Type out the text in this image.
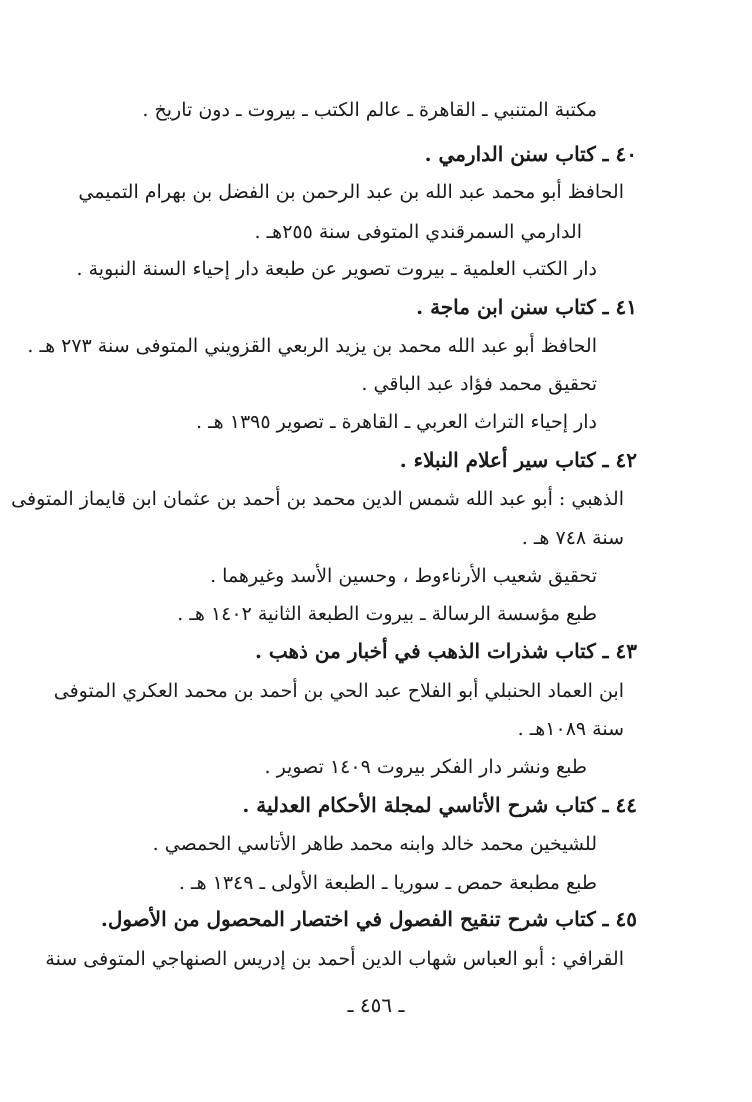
مكتبة المتنبي ـ القاهرة ـ عالم الكتب ـ بيروت ـ دون تاريخ .
٤٠ ـ كتاب سنن الدارمي .
الحافظ أبو محمد عبد الله بن عبد الرحمن بن الفضل بن بهرام التميمي
الدارمي السمرقندي المتوفى سنة ٢٥٥هـ .
دار الكتب العلمية ـ بيروت تصوير عن طبعة دار إحياء السنة النبوية .
٤١ ـ كتاب سنن ابن ماجة .
الحافظ أبو عبد الله محمد بن يزيد الربعي القزويني المتوفى سنة ٢٧٣ هـ .
تحقيق محمد فؤاد عبد الباقي .
دار إحياء التراث العربي ـ القاهرة ـ تصوير ١٣٩٥ هـ .
٤٢ ـ كتاب سير أعلام النبلاء .
الذهبي : أبو عبد الله شمس الدين محمد بن أحمد بن عثمان ابن قايماز المتوفى
سنة ٧٤٨ هـ .
تحقيق شعيب الأرناءوط ، وحسين الأسد وغيرهما .
طبع مؤسسة الرسالة ـ بيروت الطبعة الثانية ١٤٠٢ هـ .
٤٣ ـ كتاب شذرات الذهب في أخبار من ذهب .
ابن العماد الحنبلي أبو الفلاح عبد الحي بن أحمد بن محمد العكري المتوفى
سنة ١٠٨٩هـ .
طبع ونشر دار الفكر بيروت ١٤٠٩ تصوير .
٤٤ ـ كتاب شرح الأتاسي لمجلة الأحكام العدلية .
للشيخين محمد خالد وابنه محمد طاهر الأتاسي الحمصي .
طبع مطبعة حمص ـ سوريا ـ الطبعة الأولى ـ ١٣٤٩ هـ .
٤٥ ـ كتاب شرح تنقيح الفصول في اختصار المحصول من الأصول.
القرافي : أبو العباس شهاب الدين أحمد بن إدريس الصنهاجي المتوفى سنة
ـ ٤٥٦ ـ
